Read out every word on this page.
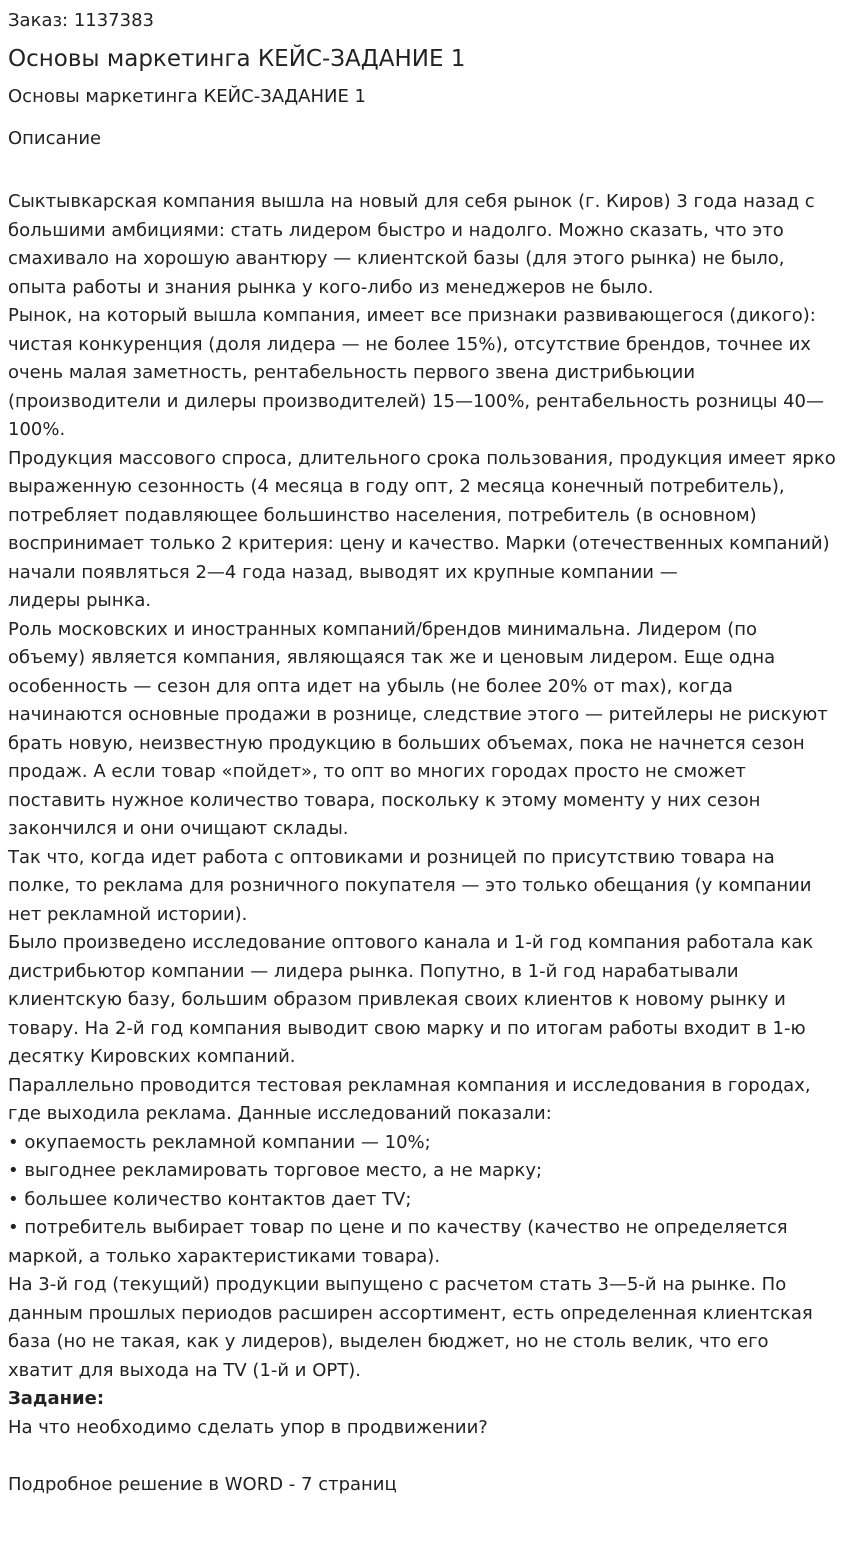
Заказ: 1137383
Основы маркетинга КЕЙС-ЗАДАНИЕ 1
Основы маркетинга КЕЙС-ЗАДАНИЕ 1
Описание

Сыктывкарская компания вышла на новый для себя рынок (г. Киров) 3 года назад с большими амбициями: стать лидером быстро и надолго. Можно сказать, что это смахивало на хорошую авантюру — клиентской базы (для этого рынка) не было, опыта работы и знания рынка у кого-либо из менеджеров не было.

Рынок, на который вышла компания, имеет все признаки развивающегося (дикого): чистая конкуренция (доля лидера — не более 15%), отсутствие брендов, точнее их очень малая заметность, рентабельность первого звена дистрибьюции (производители и дилеры производителей) 15—100%, рентабельность розницы 40—100%.

Продукция массового спроса, длительного срока пользования, продукция имеет ярко выраженную сезонность (4 месяца в году опт, 2 месяца конечный потребитель), потребляет подавляющее большинство населения, потребитель (в основном) воспринимает только 2 критерия: цену и качество. Марки (отечественных компаний) начали появляться 2—4 года назад, выводят их крупные компании —

лидеры рынка.

Роль московских и иностранных компаний/брендов минимальна. Лидером (по объему) является компания, являющаяся так же и ценовым лидером. Еще одна особенность — сезон для опта идет на убыль (не более 20% от max), когда начинаются основные продажи в рознице, следствие этого — ритейлеры не рискуют брать новую, неизвестную продукцию в больших объемах, пока не начнется сезон продаж. А если товар «пойдет», то опт во многих городах просто не сможет поставить нужное количество товара, поскольку к этому моменту у них сезон закончился и они очищают склады.

Так что, когда идет работа с оптовиками и розницей по присутствию товара на полке, то реклама для розничного покупателя — это только обещания (у компании нет рекламной истории).

Было произведено исследование оптового канала и 1-й год компания работала как дистрибьютор компании — лидера рынка. Попутно, в 1-й год нарабатывали клиентскую базу, большим образом привлекая своих клиентов к новому рынку и товару. На 2-й год компания выводит свою марку и по итогам работы входит в 1-ю десятку Кировских компаний.

Параллельно проводится тестовая рекламная компания и исследования в городах, где выходила реклама. Данные исследований показали:

• окупаемость рекламной компании — 10%;

• выгоднее рекламировать торговое место, а не марку;

• большее количество контактов дает TV;

• потребитель выбирает товар по цене и по качеству (качество не определяется маркой, а только характеристиками товара).

На 3-й год (текущий) продукции выпущено с расчетом стать 3—5-й на рынке. По данным прошлых периодов расширен ассортимент, есть определенная клиентская база (но не такая, как у лидеров), выделен бюджет, но не столь велик, что его хватит для выхода на TV (1-й и ОРТ).

Задание:

На что необходимо сделать упор в продвижении?

Подробное решение в WORD - 7 страниц
